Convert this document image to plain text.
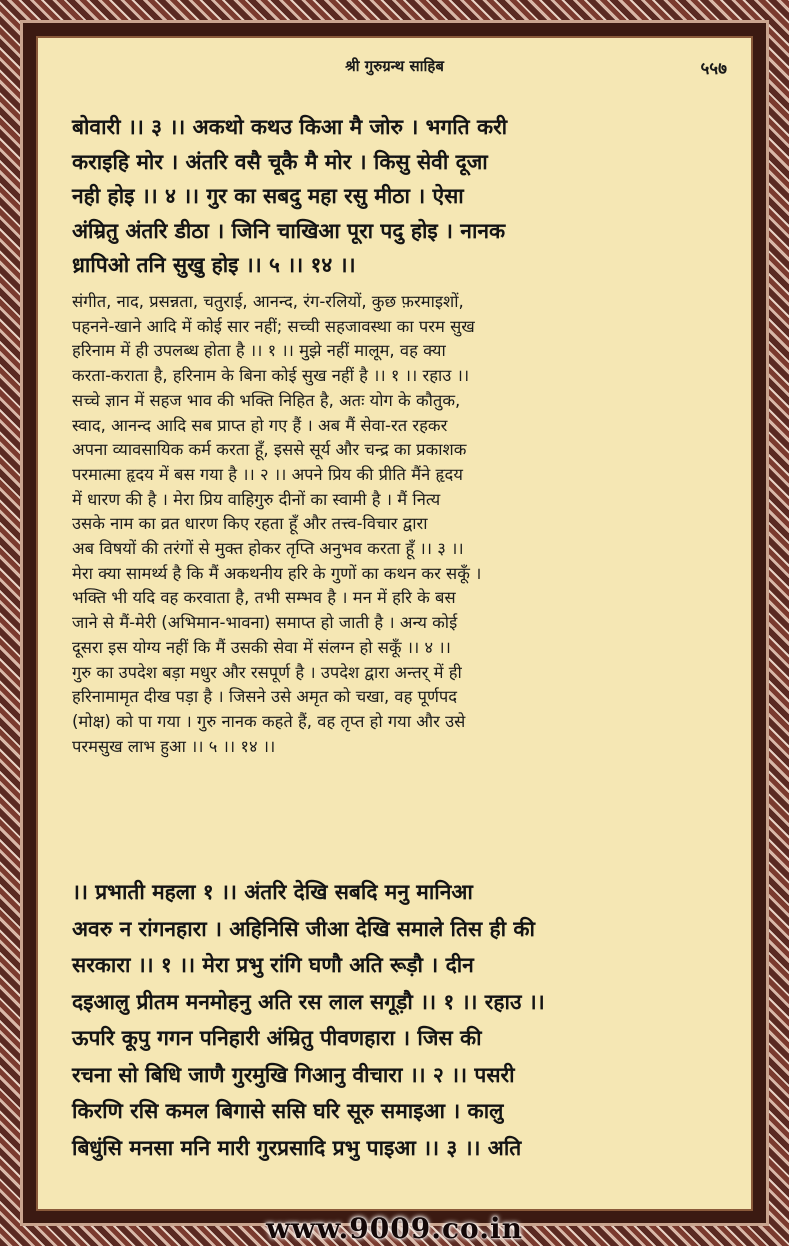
श्री गुरुग्रन्थ साहिब	५५७
बोवारी ।। ३ ।। अकथो कथउ किआ मै जोरु । भगति करी
कराइहि मोर । अंतरि वसै चूकै मै मोर । किसु सेवी दूजा
नही होइ ।। ४ ।। गुर का सबदु महा रसु मीठा । ऐसा
अंम्रितु अंतरि डीठा । जिनि चाखिआ पूरा पदु होइ । नानक
ध्रापिओ तनि सुखु होइ ।। ५ ।। १४ ।।
संगीत, नाद, प्रसन्नता, चतुराई, आनन्द, रंग-रलियों, कुछ फ़रमाइशों,
पहनने-खाने आदि में कोई सार नहीं; सच्ची सहजावस्था का परम सुख
हरिनाम में ही उपलब्ध होता है ।। १ ।। मुझे नहीं मालूम, वह क्या
करता-कराता है, हरिनाम के बिना कोई सुख नहीं है ।। १ ।। रहाउ ।।
सच्चे ज्ञान में सहज भाव की भक्ति निहित है, अतः योग के कौतुक,
स्वाद, आनन्द आदि सब प्राप्त हो गए हैं । अब मैं सेवा-रत रहकर
अपना व्यावसायिक कर्म करता हूँ, इससे सूर्य और चन्द्र का प्रकाशक
परमात्मा हृदय में बस गया है ।। २ ।। अपने प्रिय की प्रीति मैंने हृदय
में धारण की है । मेरा प्रिय वाहिगुरु दीनों का स्वामी है । मैं नित्य
उसके नाम का व्रत धारण किए रहता हूँ और तत्त्व-विचार द्वारा
अब विषयों की तरंगों से मुक्त होकर तृप्ति अनुभव करता हूँ ।। ३ ।।
मेरा क्या सामर्थ्य है कि मैं अकथनीय हरि के गुणों का कथन कर सकूँ ।
भक्ति भी यदि वह करवाता है, तभी सम्भव है । मन में हरि के बस
जाने से मैं-मेरी (अभिमान-भावना) समाप्त हो जाती है । अन्य कोई
दूसरा इस योग्य नहीं कि मैं उसकी सेवा में संलग्न हो सकूँ ।। ४ ।।
गुरु का उपदेश बड़ा मधुर और रसपूर्ण है । उपदेश द्वारा अन्तर् में ही
हरिनामामृत दीख पड़ा है । जिसने उसे अमृत को चखा, वह पूर्णपद
(मोक्ष) को पा गया । गुरु नानक कहते हैं, वह तृप्त हो गया और उसे
परमसुख लाभ हुआ ।। ५ ।। १४ ।।
।। प्रभाती महला १ ।। अंतरि देखि सबदि मनु मानिआ
अवरु न रांगनहारा । अहिनिसि जीआ देखि समाले तिस ही की
सरकारा ।। १ ।। मेरा प्रभु रांगि घणौ अति रूड़ौ । दीन
दइआलु प्रीतम मनमोहनु अति रस लाल सगूड़ौ ।। १ ।। रहाउ ।।
ऊपरि कूपु गगन पनिहारी अंम्रितु पीवणहारा । जिस की
रचना सो बिधि जाणै गुरमुखि गिआनु वीचारा ।। २ ।। पसरी
किरणि रसि कमल बिगासे ससि घरि सूरु समाइआ । कालु
बिधुंसि मनसा मनि मारी गुरप्रसादि प्रभु पाइआ ।। ३ ।। अति
www.9009.co.in
